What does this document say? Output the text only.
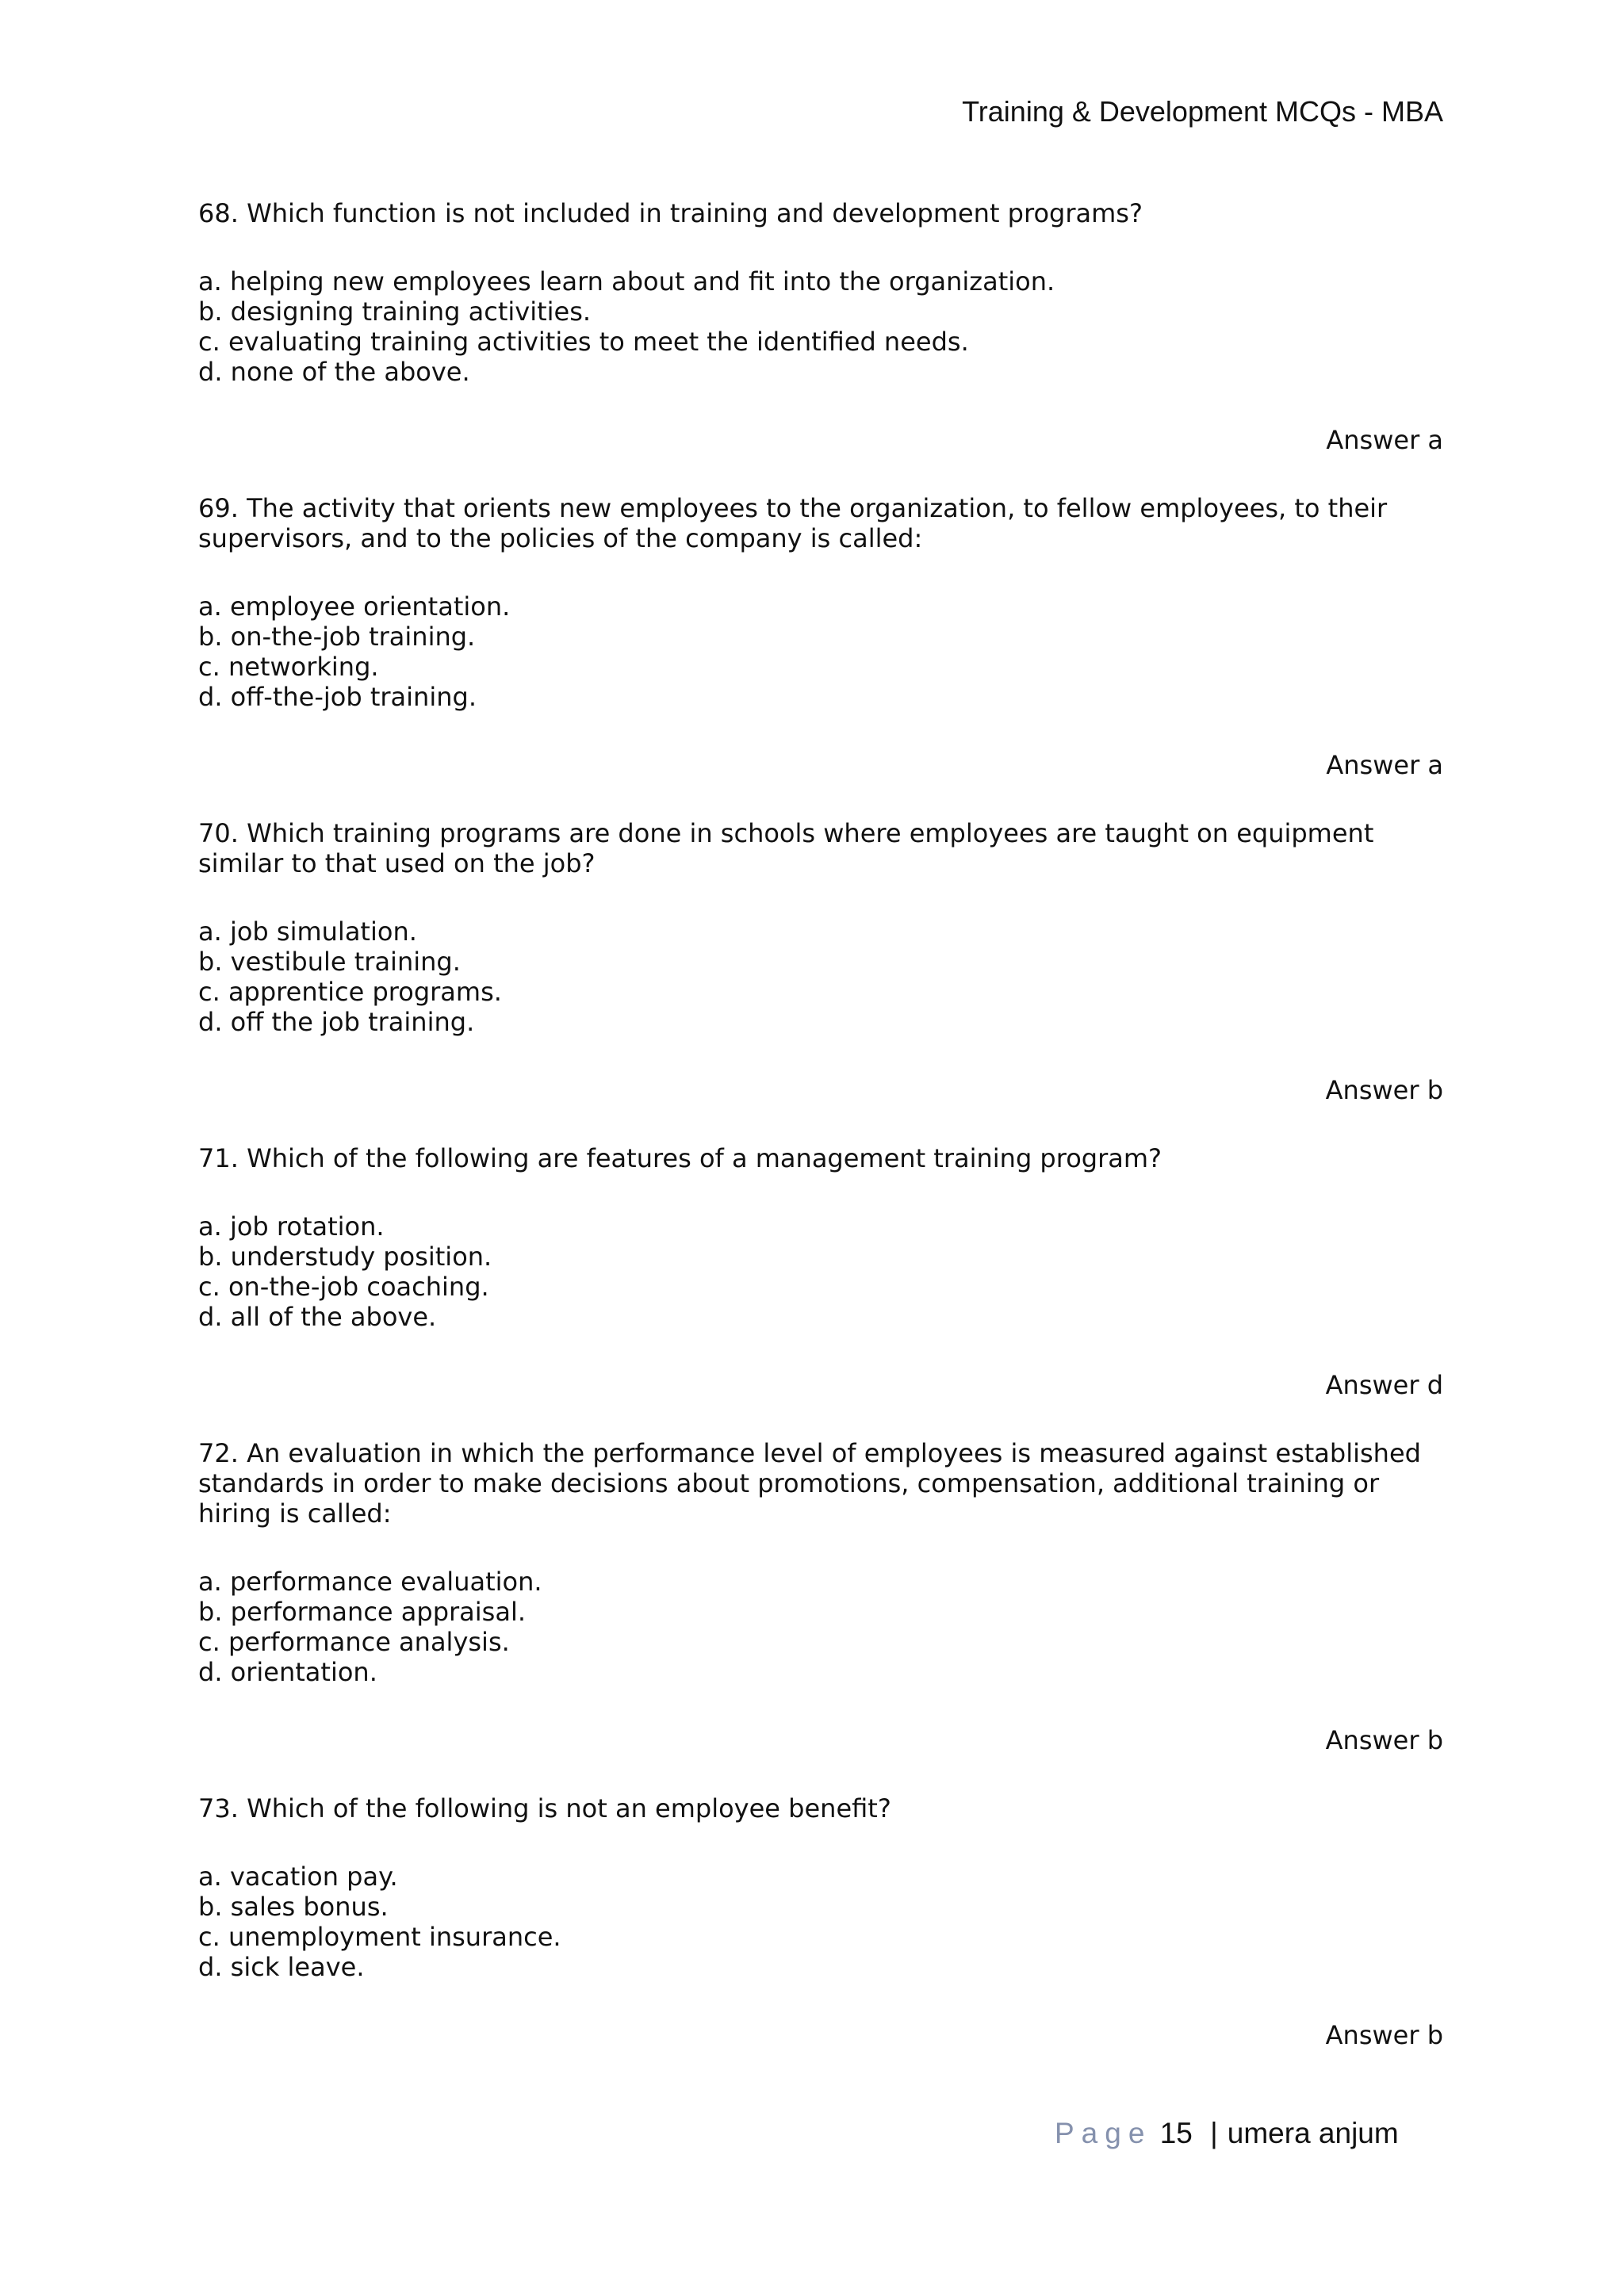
Training & Development MCQs - MBA
68. Which function is not included in training and development programs?
a. helping new employees learn about and fit into the organization.
b. designing training activities.
c. evaluating training activities to meet the identified needs.
d. none of the above.
Answer a
69. The activity that orients new employees to the organization, to fellow employees, to their supervisors, and to the policies of the company is called:
a. employee orientation.
b. on-the-job training.
c. networking.
d. off-the-job training.
Answer a
70. Which training programs are done in schools where employees are taught on equipment similar to that used on the job?
a. job simulation.
b. vestibule training.
c. apprentice programs.
d. off the job training.
Answer b
71. Which of the following are features of a management training program?
a. job rotation.
b. understudy position.
c. on-the-job coaching.
d. all of the above.
Answer d
72. An evaluation in which the performance level of employees is measured against established standards in order to make decisions about promotions, compensation, additional training or hiring is called:
a. performance evaluation.
b. performance appraisal.
c. performance analysis.
d. orientation.
Answer b
73. Which of the following is not an employee benefit?
a. vacation pay.
b. sales bonus.
c. unemployment insurance.
d. sick leave.
Answer b
Page 15 | umera anjum
